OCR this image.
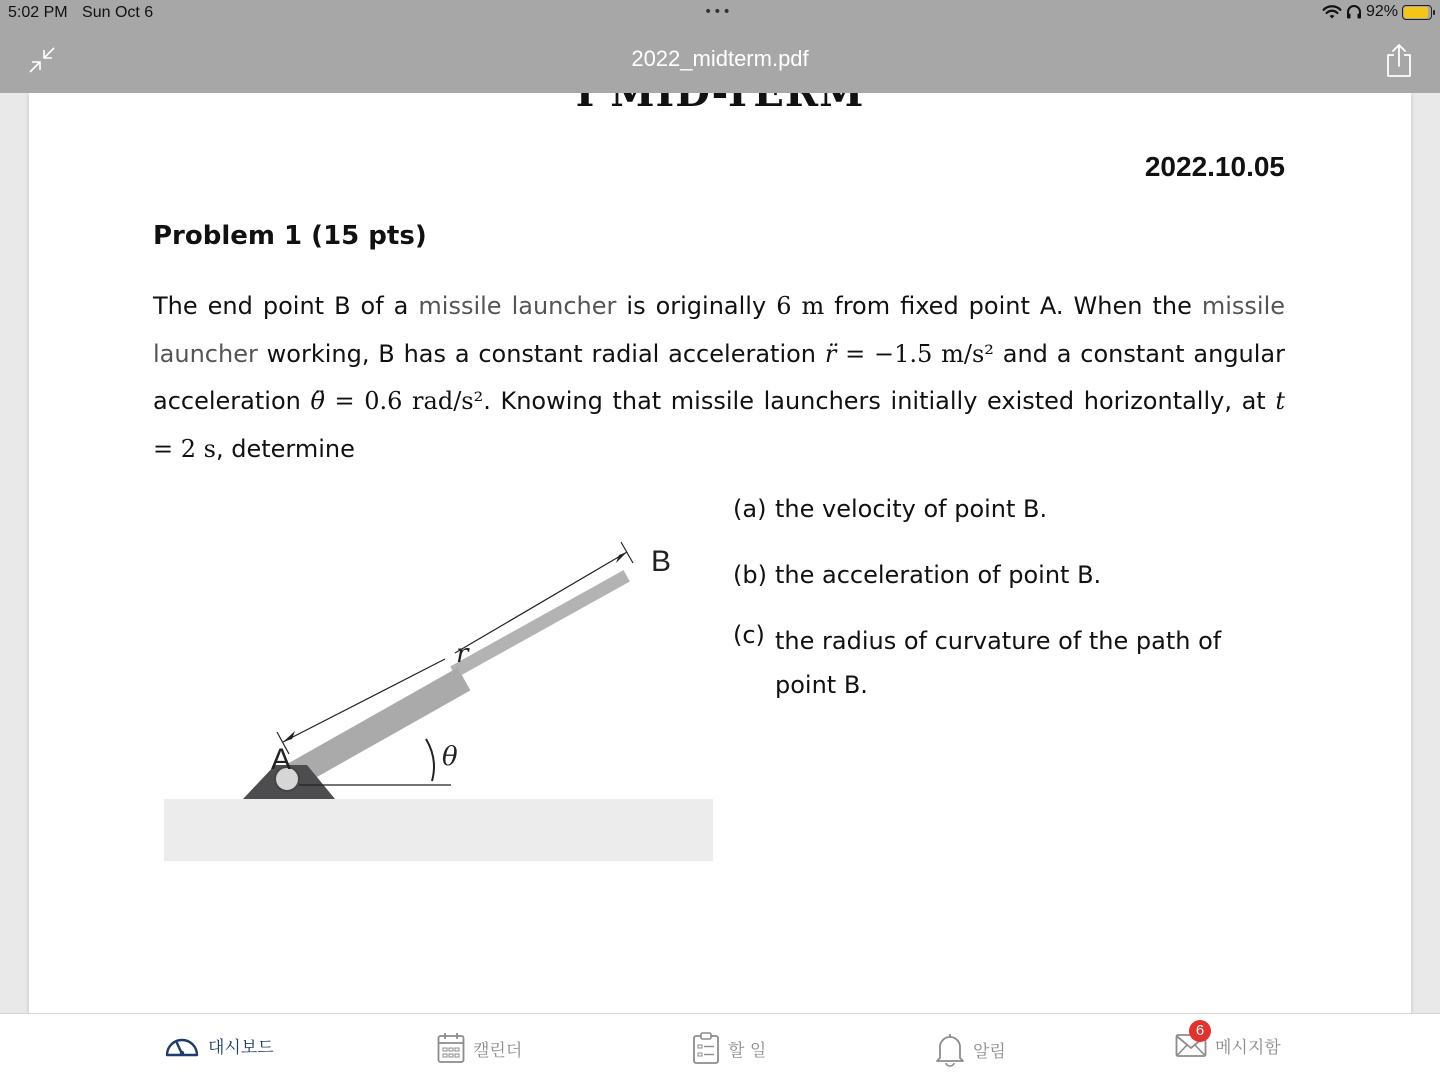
5:02 PM Sun Oct 6	•••	92%
2022_midterm.pdf
2022.10.05
Problem 1 (15 pts)

The end point B of a missile launcher is originally 6 m from fixed point A. When the missile launcher working, B has a constant radial acceleration r̈ = −1.5 m/s² and a constant angular acceleration θ̈ = 0.6 rad/s². Knowing that missile launchers initially existed horizontally, at t = 2 s, determine

(a) the velocity of point B.
(b) the acceleration of point B.
(c) the radius of curvature of the path of point B.
A
B
r
θ
대시보드	캘린더	할 일	알림
6
메시지함
